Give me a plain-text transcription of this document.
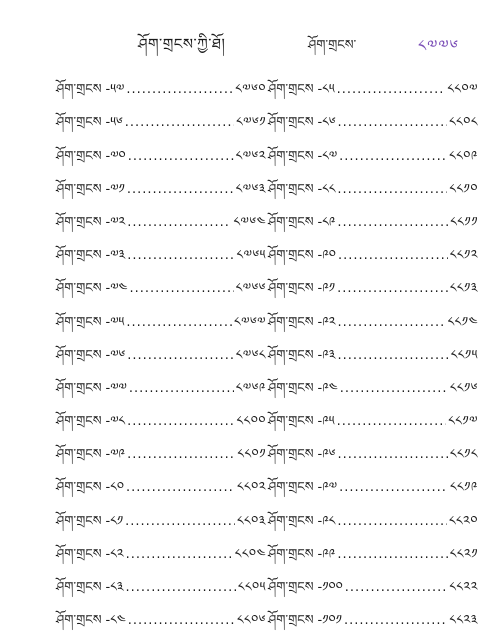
ཤོག་གྲངས་ཀྱི་ཐོ།	ཤོག་གྲངས་	༨༧༧༦
ཤོག་གྲངས -༥༧ .....	༨༧༦༠
ཤོག་གྲངས -༥༦ .....	༨༧༦༡
ཤོག་གྲངས -༧༠ .....	༨༧༦༢
ཤོག་གྲངས -༧༡ .....	༨༧༦༣
ཤོག་གྲངས -༧༢ .....	༨༧༦༤
ཤོག་གྲངས -༧༣ .....	༨༧༦༥
ཤོག་གྲངས -༧༤ .....	༨༧༦༦
ཤོག་གྲངས -༧༥ .....	༨༧༦༧
ཤོག་གྲངས -༧༦ .....	༨༧༦༨
ཤོག་གྲངས -༧༧ .....	༨༧༦༩
ཤོག་གྲངས -༧༨ .....	༨༨༠༠
ཤོག་གྲངས -༧༩ .....	༨༨༠༡
ཤོག་གྲངས -༨༠ .....	༨༨༠༢
ཤོག་གྲངས -༨༡ .....	༨༨༠༣
ཤོག་གྲངས -༨༢ .....	༨༨༠༤
ཤོག་གྲངས -༨༣ .....	༨༨༠༥
ཤོག་གྲངས -༨༤ .....	༨༨༠༦
ཤོག་གྲངས -༨༥ .....	༨༨༠༧
ཤོག་གྲངས -༨༦ .....	༨༨༠༨
ཤོག་གྲངས -༨༧ .....	༨༨༠༩
ཤོག་གྲངས -༨༨ .....	༨༨༡༠
ཤོག་གྲངས -༨༩ .....	༨༨༡༡
ཤོག་གྲངས -༩༠ .....	༨༨༡༢
ཤོག་གྲངས -༩༡ .....	༨༨༡༣
ཤོག་གྲངས -༩༢ .....	༨༨༡༤
ཤོག་གྲངས -༩༣ .....	༨༨༡༥
ཤོག་གྲངས -༩༤ .....	༨༨༡༦
ཤོག་གྲངས -༩༥ .....	༨༨༡༧
ཤོག་གྲངས -༩༦ .....	༨༨༡༨
ཤོག་གྲངས -༩༧ .....	༨༨༡༩
ཤོག་གྲངས -༩༨ .....	༨༨༢༠
ཤོག་གྲངས -༩༩ .....	༨༨༢༡
ཤོག་གྲངས -༡༠༠ .....	༨༨༢༢
ཤོག་གྲངས -༡༠༡ .....	༨༨༢༣
